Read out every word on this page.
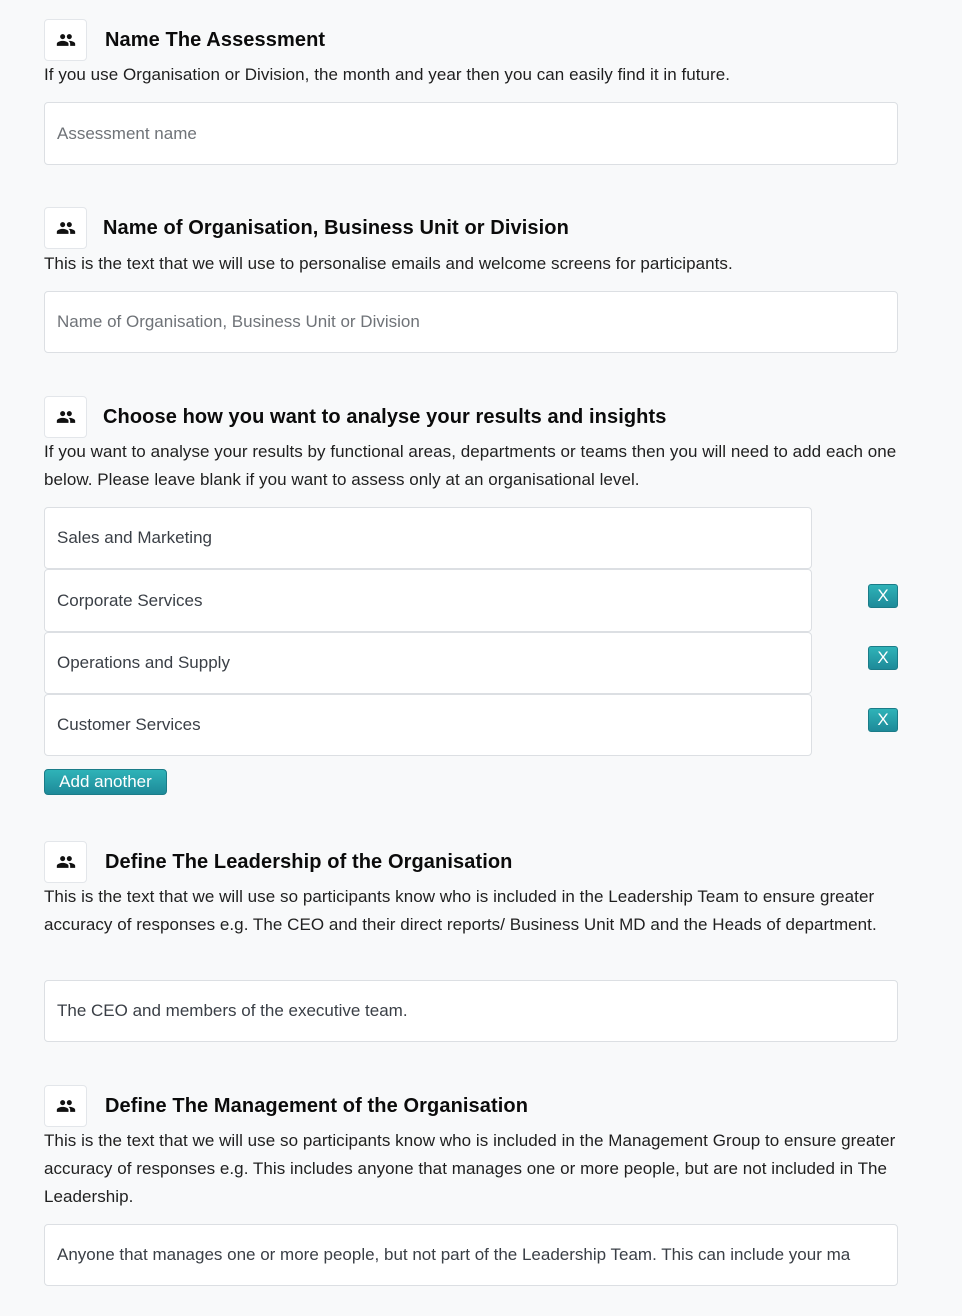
Name The Assessment
If you use Organisation or Division, the month and year then you can easily find it in future.
Assessment name
Name of Organisation, Business Unit or Division
This is the text that we will use to personalise emails and welcome screens for participants.
Name of Organisation, Business Unit or Division
Choose how you want to analyse your results and insights
If you want to analyse your results by functional areas, departments or teams then you will need to add each one below. Please leave blank if you want to assess only at an organisational level.
Sales and Marketing
Corporate Services	X
Operations and Supply	X
Customer Services	X
Add another
Define The Leadership of the Organisation
This is the text that we will use so participants know who is included in the Leadership Team to ensure greater accuracy of responses e.g. The CEO and their direct reports/ Business Unit MD and the Heads of department.
The CEO and members of the executive team.
Define The Management of the Organisation
This is the text that we will use so participants know who is included in the Management Group to ensure greater accuracy of responses e.g. This includes anyone that manages one or more people, but are not included in The Leadership.
Anyone that manages one or more people, but not part of the Leadership Team. This can include your ma
